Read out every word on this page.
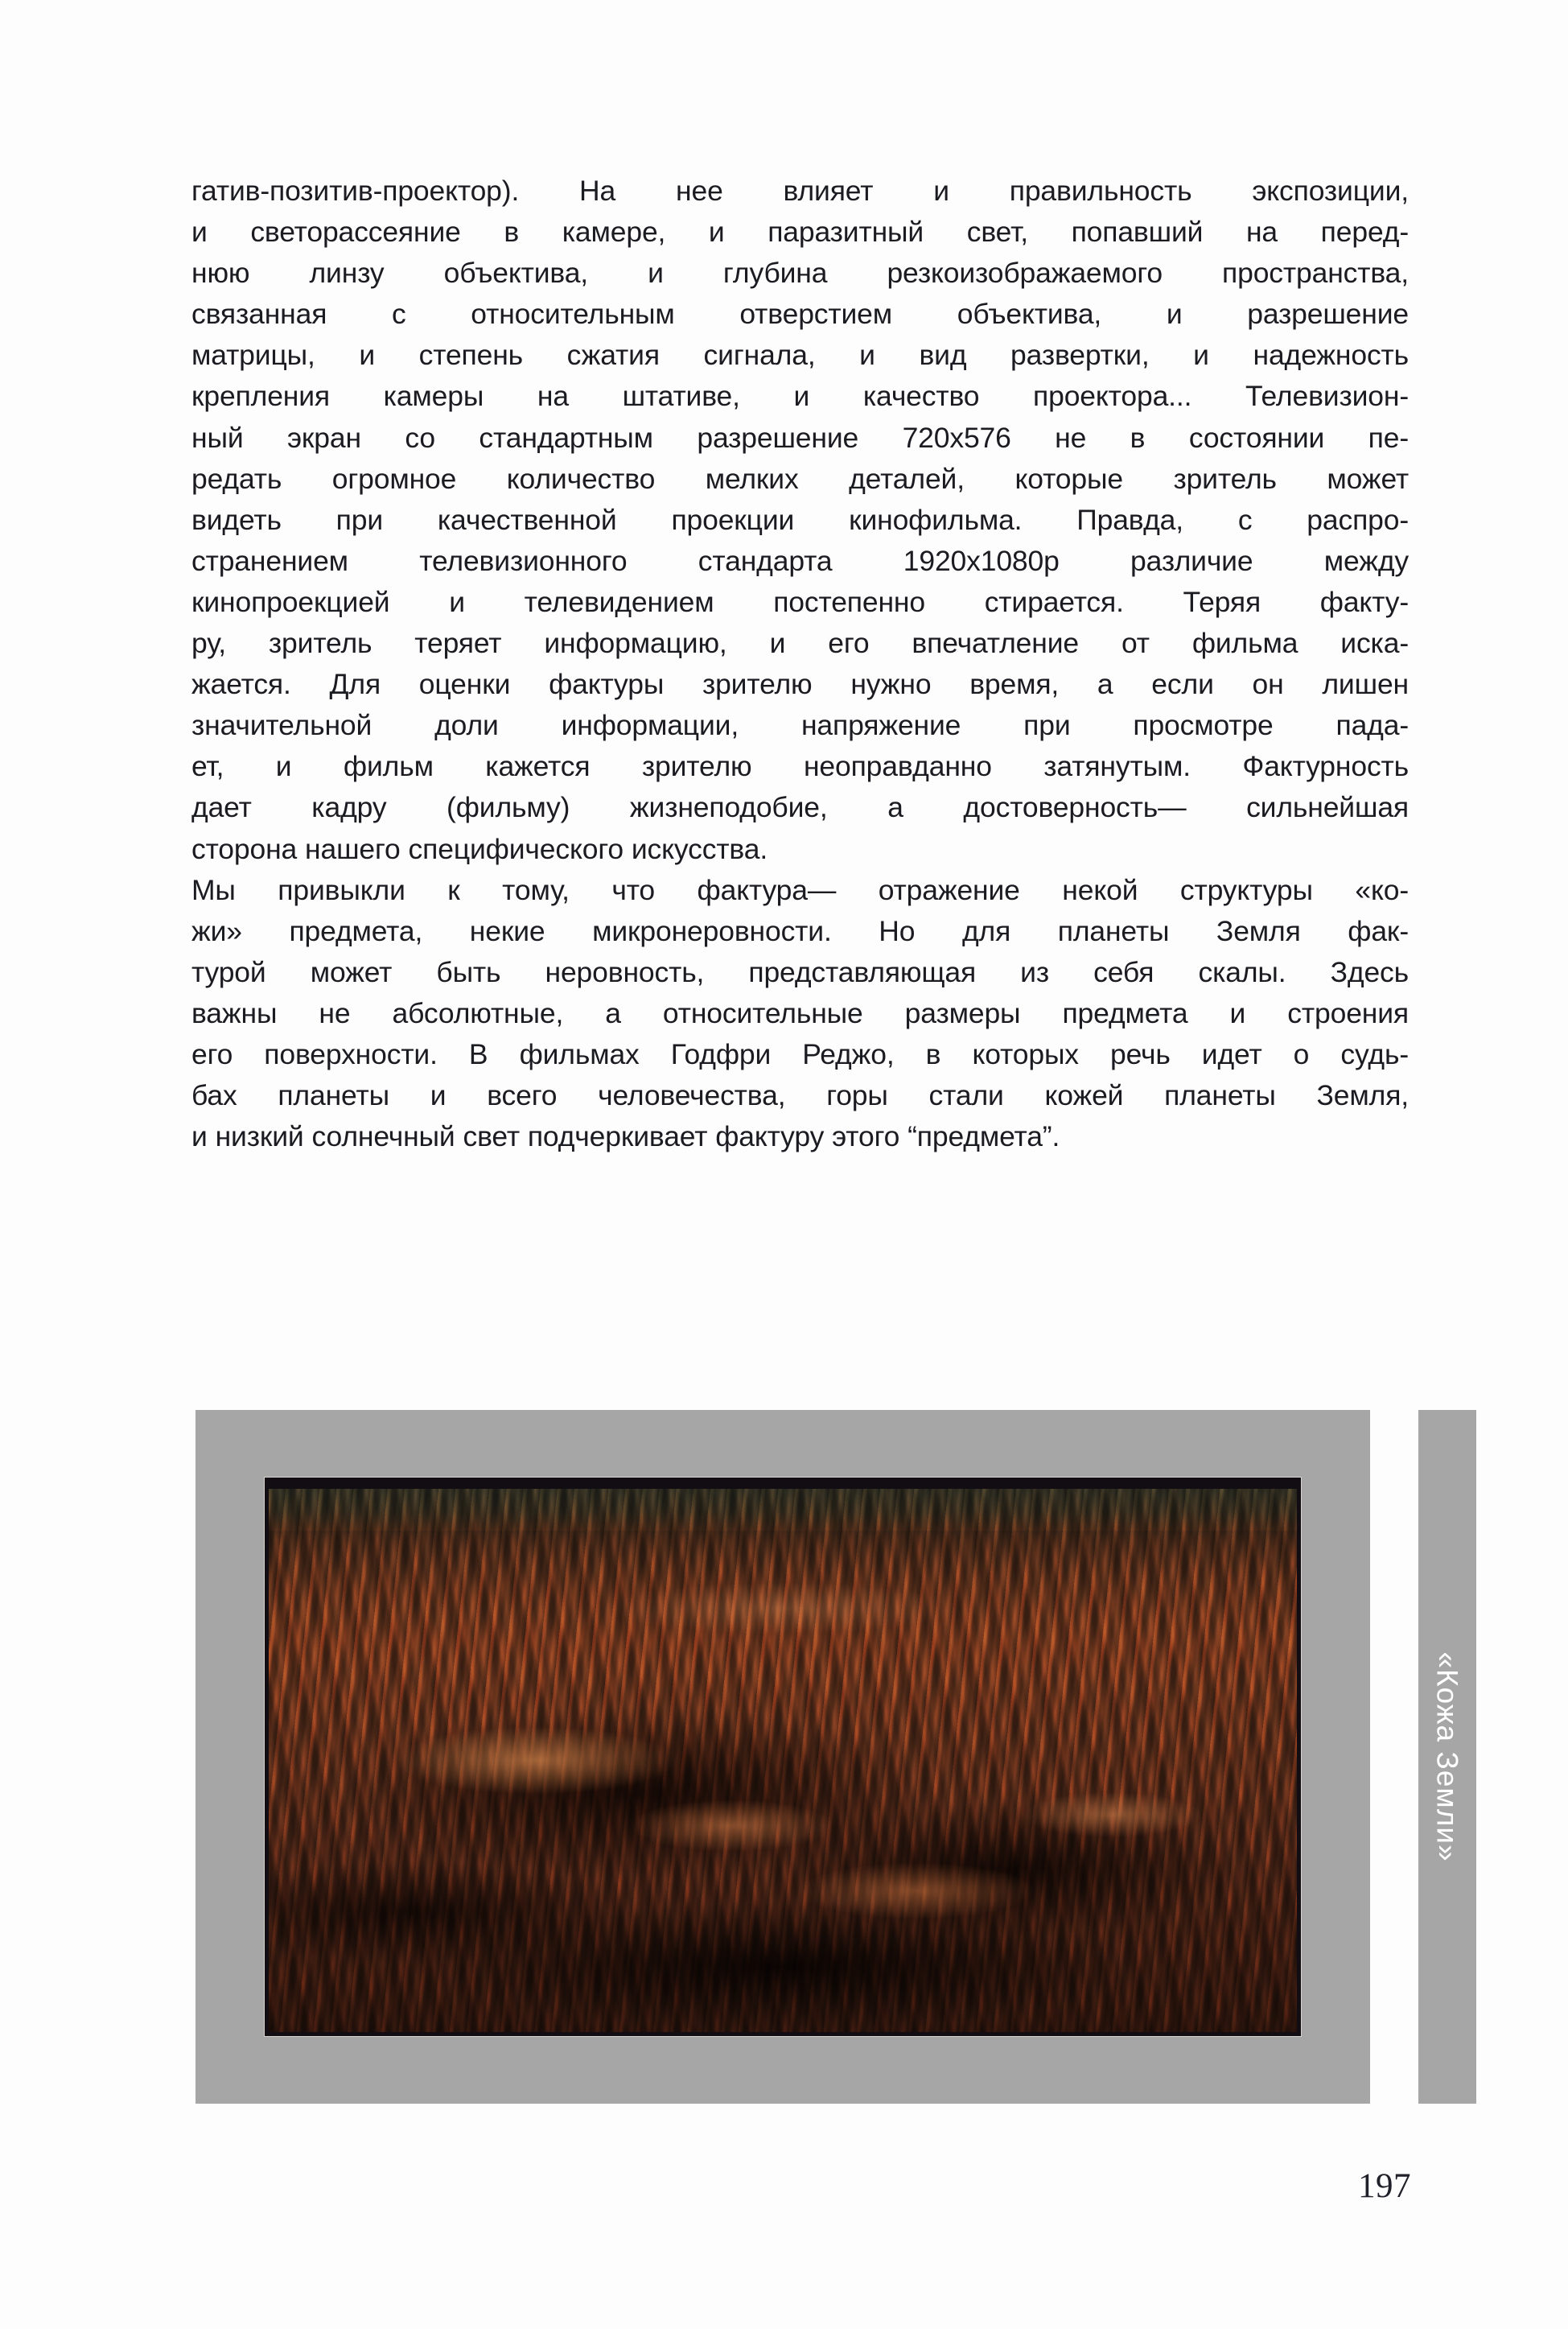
гатив-позитив-проектор). На нее влияет и правильность экспозиции,
и светорассеяние в камере, и паразитный свет, попавший на перед-
нюю линзу объектива, и глубина резкоизображаемого пространства,
связанная с относительным отверстием объектива, и разрешение
матрицы, и степень сжатия сигнала, и вид развертки, и надежность
крепления камеры на штативе, и качество проектора... Телевизион-
ный экран со стандартным разрешение 720x576 не в состоянии пе-
редать огромное количество мелких деталей, которые зритель может
видеть при качественной проекции кинофильма. Правда, с распро-
странением телевизионного стандарта 1920x1080p различие между
кинопроекцией и телевидением постепенно стирается. Теряя факту-
ру, зритель теряет информацию, и его впечатление от фильма иска-
жается. Для оценки фактуры зрителю нужно время, а если он лишен
значительной доли информации, напряжение при просмотре пада-
ет, и фильм кажется зрителю неоправданно затянутым. Фактурность
дает кадру (фильму) жизнеподобие, а достоверность— сильнейшая
сторона нашего специфического искусства.

Мы привыкли к тому, что фактура— отражение некой структуры «ко-
жи» предмета, некие микронеровности. Но для планеты Земля фак-
турой может быть неровность, представляющая из себя скалы. Здесь
важны не абсолютные, а относительные размеры предмета и строения
его поверхности. В фильмах Годфри Реджо, в которых речь идет о судь-
бах планеты и всего человечества, горы стали кожей планеты Земля,
и низкий солнечный свет подчеркивает фактуру этого “предмета”.

«Кожа Земли»
197
